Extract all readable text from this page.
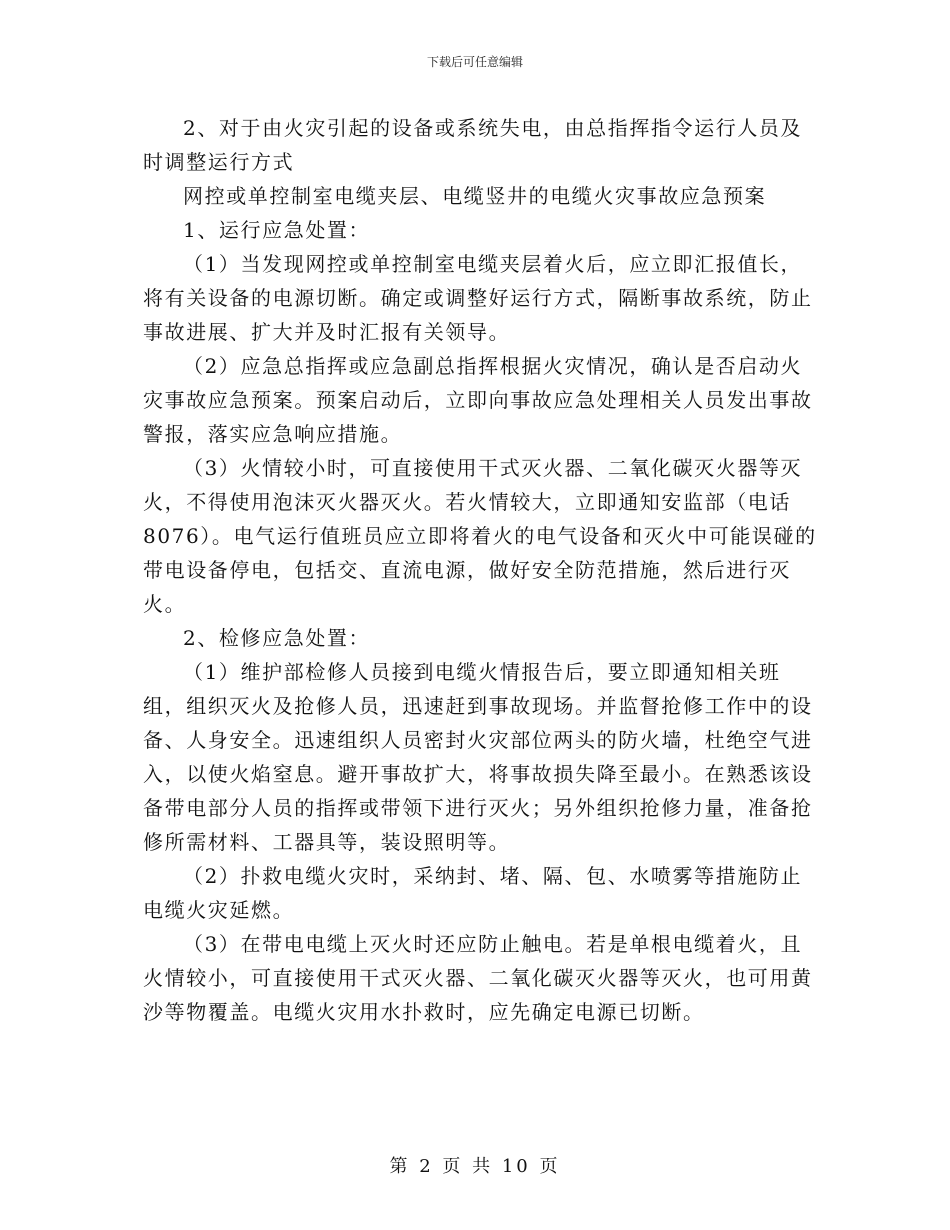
下载后可任意编辑

2、对于由火灾引起的设备或系统失电，由总指挥指令运行人员及时调整运行方式

网控或单控制室电缆夹层、电缆竖井的电缆火灾事故应急预案

1、运行应急处置：

（1）当发现网控或单控制室电缆夹层着火后，应立即汇报值长，将有关设备的电源切断。确定或调整好运行方式，隔断事故系统，防止事故进展、扩大并及时汇报有关领导。

（2）应急总指挥或应急副总指挥根据火灾情况，确认是否启动火灾事故应急预案。预案启动后，立即向事故应急处理相关人员发出事故警报，落实应急响应措施。

（3）火情较小时，可直接使用干式灭火器、二氧化碳灭火器等灭火，不得使用泡沫灭火器灭火。若火情较大，立即通知安监部（电话8076）。电气运行值班员应立即将着火的电气设备和灭火中可能误碰的带电设备停电，包括交、直流电源，做好安全防范措施，然后进行灭火。

2、检修应急处置：

（1）维护部检修人员接到电缆火情报告后，要立即通知相关班组，组织灭火及抢修人员，迅速赶到事故现场。并监督抢修工作中的设备、人身安全。迅速组织人员密封火灾部位两头的防火墙，杜绝空气进入，以使火焰窒息。避开事故扩大，将事故损失降至最小。在熟悉该设备带电部分人员的指挥或带领下进行灭火；另外组织抢修力量，准备抢修所需材料、工器具等，装设照明等。

（2）扑救电缆火灾时，采纳封、堵、隔、包、水喷雾等措施防止电缆火灾延燃。

（3）在带电电缆上灭火时还应防止触电。若是单根电缆着火，且火情较小，可直接使用干式灭火器、二氧化碳灭火器等灭火，也可用黄沙等物覆盖。电缆火灾用水扑救时，应先确定电源已切断。

第 2 页 共 10 页
